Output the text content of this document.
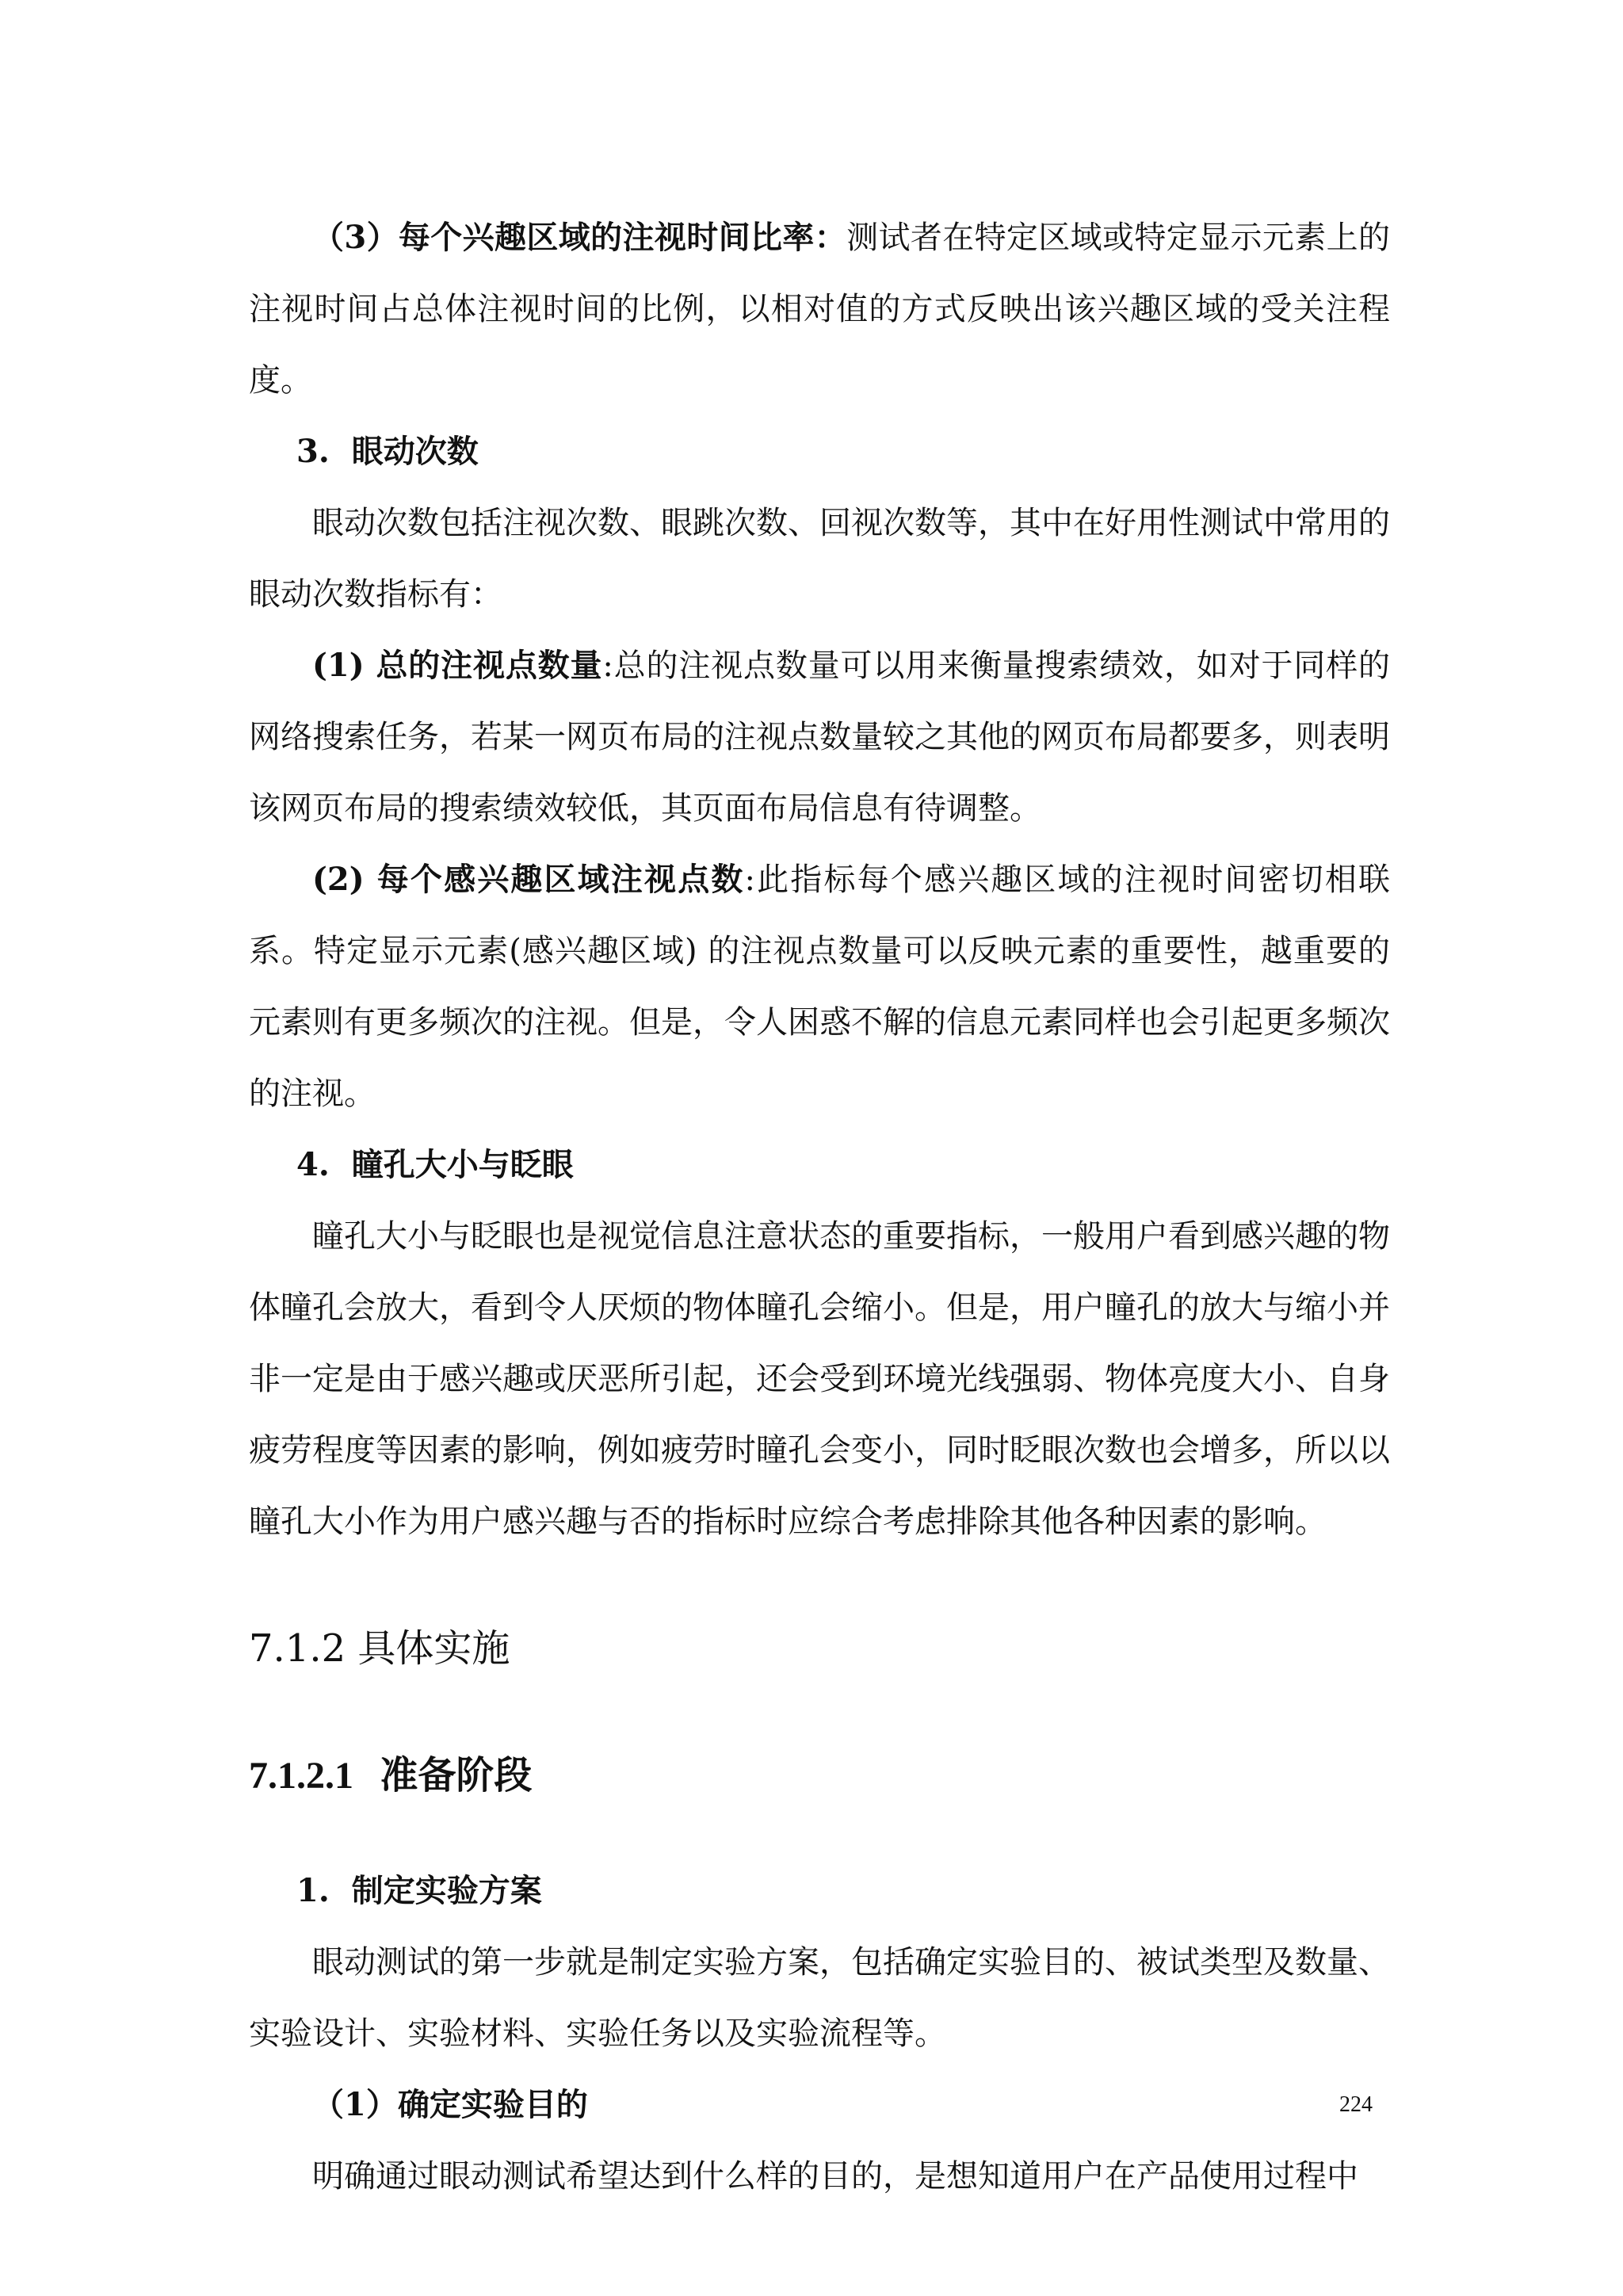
（3）每个兴趣区域的注视时间比率：测试者在特定区域或特定显示元素上的注视时间占总体注视时间的比例，以相对值的方式反映出该兴趣区域的受关注程度。

3. 眼动次数

眼动次数包括注视次数、眼跳次数、回视次数等，其中在好用性测试中常用的眼动次数指标有：

(1) 总的注视点数量:总的注视点数量可以用来衡量搜索绩效，如对于同样的网络搜索任务，若某一网页布局的注视点数量较之其他的网页布局都要多，则表明该网页布局的搜索绩效较低，其页面布局信息有待调整。

(2) 每个感兴趣区域注视点数:此指标每个感兴趣区域的注视时间密切相联系。特定显示元素(感兴趣区域) 的注视点数量可以反映元素的重要性，越重要的元素则有更多频次的注视。但是，令人困惑不解的信息元素同样也会引起更多频次的注视。

4. 瞳孔大小与眨眼

瞳孔大小与眨眼也是视觉信息注意状态的重要指标，一般用户看到感兴趣的物体瞳孔会放大，看到令人厌烦的物体瞳孔会缩小。但是，用户瞳孔的放大与缩小并非一定是由于感兴趣或厌恶所引起，还会受到环境光线强弱、物体亮度大小、自身疲劳程度等因素的影响，例如疲劳时瞳孔会变小，同时眨眼次数也会增多，所以以瞳孔大小作为用户感兴趣与否的指标时应综合考虑排除其他各种因素的影响。

7.1.2 具体实施
7.1.2.1 准备阶段

1. 制定实验方案

眼动测试的第一步就是制定实验方案，包括确定实验目的、被试类型及数量、实验设计、实验材料、实验任务以及实验流程等。

（1）确定实验目的

明确通过眼动测试希望达到什么样的目的，是想知道用户在产品使用过程中

224
